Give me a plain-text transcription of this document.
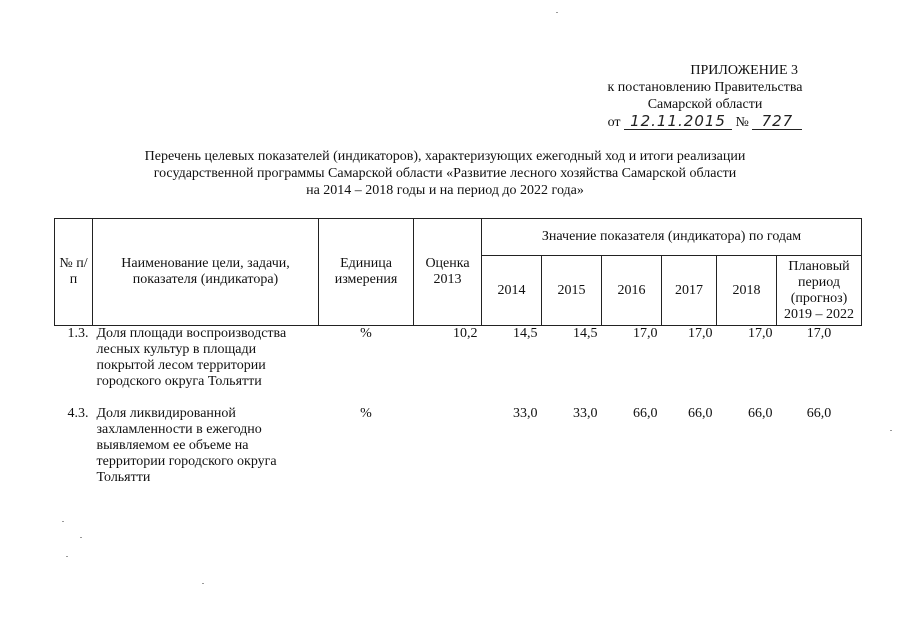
ПРИЛОЖЕНИЕ 3
к постановлению Правительства
Самарской области
от 12.11.2015 № 727
Перечень целевых показателей (индикаторов), характеризующих ежегодный ход и итоги реализации
государственной программы Самарской области «Развитие лесного хозяйства Самарской области
на 2014 – 2018 годы и на период до 2022 года»
№ п/п	Наименование цели, задачи, показателя (индикатора)	Единица измерения	Оценка 2013	Значение показателя (индикатора) по годам					
				2014	2015	2016	2017	2018	Плановый период (прогноз) 2019 – 2022
1.3.	Доля площади воспроизводства лесных культур в площади покрытой лесом территории городского округа Тольятти	%	10,2	14,5	14,5	17,0	17,0	17,0	17,0
4.3.	Доля ликвидированной захламленности в ежегодно выявляемом ее объеме на территории городского округа Тольятти	%		33,0	33,0	66,0	66,0	66,0	66,0
